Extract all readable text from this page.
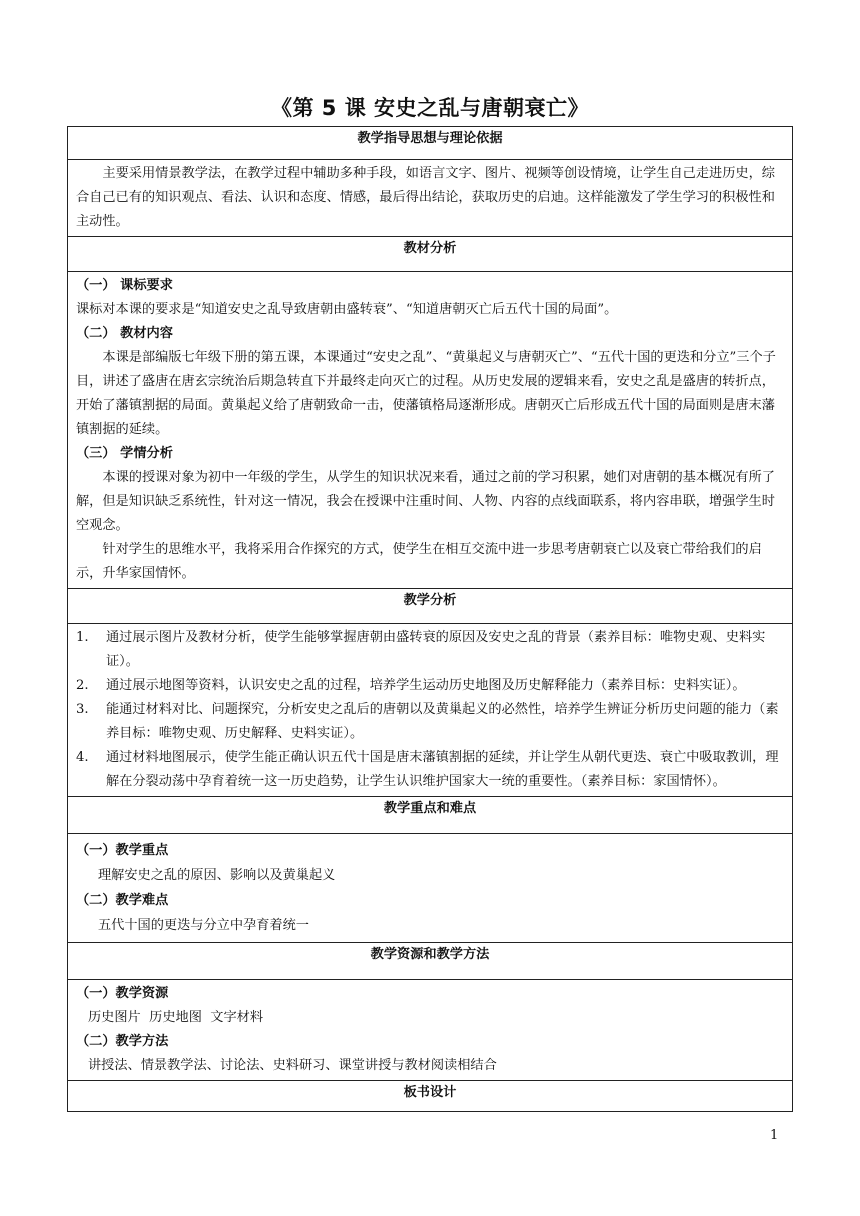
《第 5 课 安史之乱与唐朝衰亡》
教学指导思想与理论依据

主要采用情景教学法，在教学过程中辅助多种手段，如语言文字、图片、视频等创设情境，让学生自己走进历史，综合自己已有的知识观点、看法、认识和态度、情感，最后得出结论，获取历史的启迪。这样能激发了学生学习的积极性和主动性。

教材分析

（一） 课标要求

课标对本课的要求是“知道安史之乱导致唐朝由盛转衰”、“知道唐朝灭亡后五代十国的局面”。

（二） 教材内容

本课是部编版七年级下册的第五课，本课通过“安史之乱”、“黄巢起义与唐朝灭亡”、“五代十国的更迭和分立”三个子目，讲述了盛唐在唐玄宗统治后期急转直下并最终走向灭亡的过程。从历史发展的逻辑来看，安史之乱是盛唐的转折点，开始了藩镇割据的局面。黄巢起义给了唐朝致命一击，使藩镇格局逐渐形成。唐朝灭亡后形成五代十国的局面则是唐末藩镇割据的延续。

（三） 学情分析

本课的授课对象为初中一年级的学生，从学生的知识状况来看，通过之前的学习积累，她们对唐朝的基本概况有所了解，但是知识缺乏系统性，针对这一情况，我会在授课中注重时间、人物、内容的点线面联系，将内容串联，增强学生时空观念。

针对学生的思维水平，我将采用合作探究的方式，使学生在相互交流中进一步思考唐朝衰亡以及衰亡带给我们的启示，升华家国情怀。

教学分析

1. 通过展示图片及教材分析，使学生能够掌握唐朝由盛转衰的原因及安史之乱的背景（素养目标：唯物史观、史料实证）。
2. 通过展示地图等资料，认识安史之乱的过程，培养学生运动历史地图及历史解释能力（素养目标：史料实证）。
3. 能通过材料对比、问题探究，分析安史之乱后的唐朝以及黄巢起义的必然性，培养学生辨证分析历史问题的能力（素养目标：唯物史观、历史解释、史料实证）。
4. 通过材料地图展示，使学生能正确认识五代十国是唐末藩镇割据的延续，并让学生从朝代更迭、衰亡中吸取教训，理解在分裂动荡中孕育着统一这一历史趋势，让学生认识维护国家大一统的重要性。（素养目标：家国情怀）。

教学重点和难点

（一）教学重点

理解安史之乱的原因、影响以及黄巢起义

（二）教学难点

五代十国的更迭与分立中孕育着统一

教学资源和教学方法

（一）教学资源

历史图片  历史地图  文字材料

（二）教学方法

讲授法、情景教学法、讨论法、史料研习、课堂讲授与教材阅读相结合

板书设计
1
